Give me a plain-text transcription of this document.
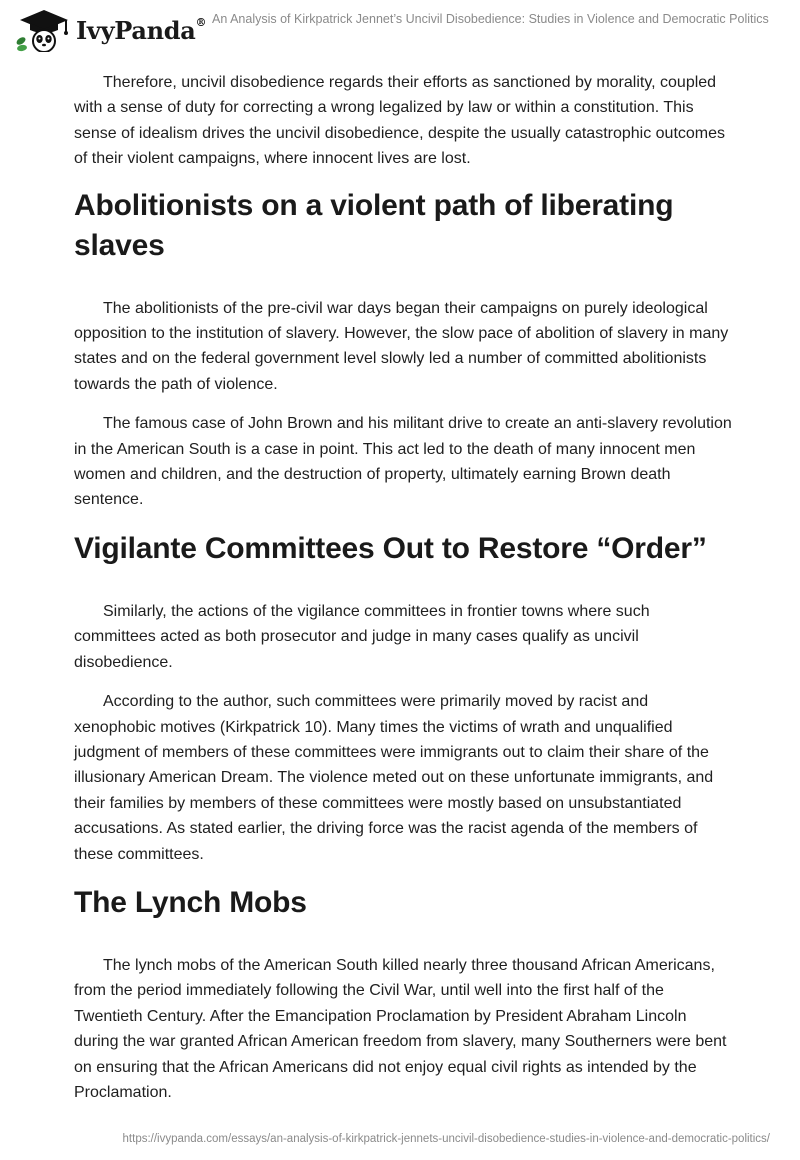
IvyPanda® An Analysis of Kirkpatrick Jennet’s Uncivil Disobedience: Studies in Violence and Democratic Politics

Therefore, uncivil disobedience regards their efforts as sanctioned by morality, coupled with a sense of duty for correcting a wrong legalized by law or within a constitution. This sense of idealism drives the uncivil disobedience, despite the usually catastrophic outcomes of their violent campaigns, where innocent lives are lost.

Abolitionists on a violent path of liberating slaves

The abolitionists of the pre-civil war days began their campaigns on purely ideological opposition to the institution of slavery. However, the slow pace of abolition of slavery in many states and on the federal government level slowly led a number of committed abolitionists towards the path of violence.

The famous case of John Brown and his militant drive to create an anti-slavery revolution in the American South is a case in point. This act led to the death of many innocent men women and children, and the destruction of property, ultimately earning Brown death sentence.

Vigilante Committees Out to Restore “Order”

Similarly, the actions of the vigilance committees in frontier towns where such committees acted as both prosecutor and judge in many cases qualify as uncivil disobedience.

According to the author, such committees were primarily moved by racist and xenophobic motives (Kirkpatrick 10). Many times the victims of wrath and unqualified judgment of members of these committees were immigrants out to claim their share of the illusionary American Dream. The violence meted out on these unfortunate immigrants, and their families by members of these committees were mostly based on unsubstantiated accusations. As stated earlier, the driving force was the racist agenda of the members of these committees.

The Lynch Mobs

The lynch mobs of the American South killed nearly three thousand African Americans, from the period immediately following the Civil War, until well into the first half of the Twentieth Century. After the Emancipation Proclamation by President Abraham Lincoln during the war granted African American freedom from slavery, many Southerners were bent on ensuring that the African Americans did not enjoy equal civil rights as intended by the Proclamation.

https://ivypanda.com/essays/an-analysis-of-kirkpatrick-jennets-uncivil-disobedience-studies-in-violence-and-democratic-politics/
